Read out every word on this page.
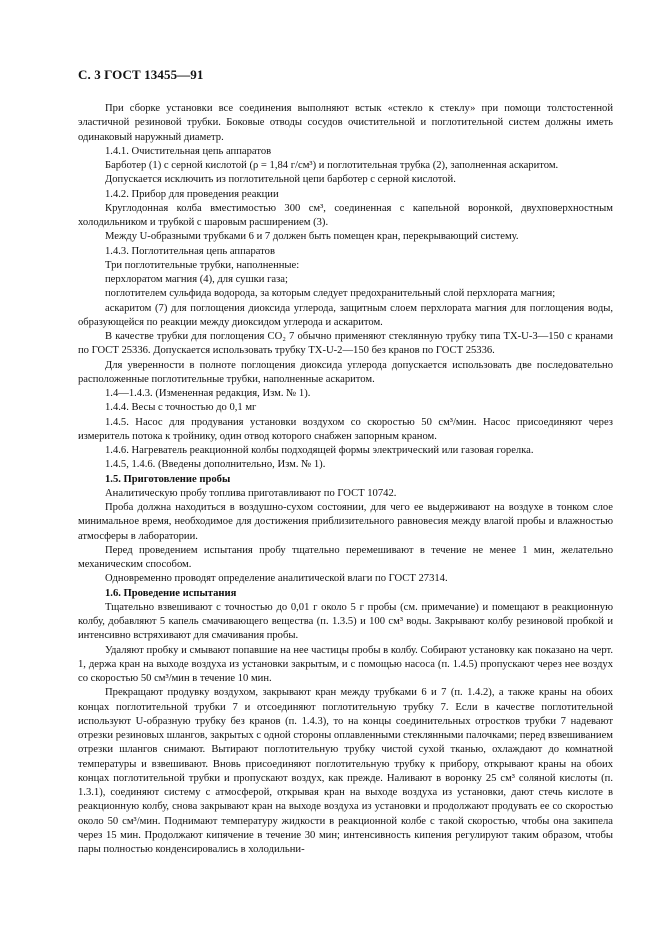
С. 3 ГОСТ 13455—91

При сборке установки все соединения выполняют встык «стекло к стеклу» при помощи толстостенной эластичной резиновой трубки. Боковые отводы сосудов очистительной и поглотительной систем должны иметь одинаковый наружный диаметр.

1.4.1. Очистительная цепь аппаратов

Барботер (1) с серной кислотой (ρ = 1,84 г/см³) и поглотительная трубка (2), заполненная аскаритом.

Допускается исключить из поглотительной цепи барботер с серной кислотой.

1.4.2. Прибор для проведения реакции

Круглодонная колба вместимостью 300 см³, соединенная с капельной воронкой, двухповерхностным холодильником и трубкой с шаровым расширением (3).

Между U-образными трубками 6 и 7 должен быть помещен кран, перекрывающий систему.

1.4.3. Поглотительная цепь аппаратов

Три поглотительные трубки, наполненные:

перхлоратом магния (4), для сушки газа;

поглотителем сульфида водорода, за которым следует предохранительный слой перхлората магния;

аскаритом (7) для поглощения диоксида углерода, защитным слоем перхлората магния для поглощения воды, образующейся по реакции между диоксидом углерода и аскаритом.

В качестве трубки для поглощения CO₂ 7 обычно применяют стеклянную трубку типа ТХ-U-3—150 с кранами по ГОСТ 25336. Допускается использовать трубку ТХ-U-2—150 без кранов по ГОСТ 25336.

Для уверенности в полноте поглощения диоксида углерода допускается использовать две последовательно расположенные поглотительные трубки, наполненные аскаритом.

1.4—1.4.3. (Измененная редакция, Изм. № 1).

1.4.4. Весы с точностью до 0,1 мг

1.4.5. Насос для продувания установки воздухом со скоростью 50 см³/мин. Насос присоединяют через измеритель потока к тройнику, один отвод которого снабжен запорным краном.

1.4.6. Нагреватель реакционной колбы подходящей формы электрический или газовая горелка.

1.4.5, 1.4.6. (Введены дополнительно, Изм. № 1).

1.5. Приготовление пробы

Аналитическую пробу топлива приготавливают по ГОСТ 10742.

Проба должна находиться в воздушно-сухом состоянии, для чего ее выдерживают на воздухе в тонком слое минимальное время, необходимое для достижения приблизительного равновесия между влагой пробы и влажностью атмосферы в лаборатории.

Перед проведением испытания пробу тщательно перемешивают в течение не менее 1 мин, желательно механическим способом.

Одновременно проводят определение аналитической влаги по ГОСТ 27314.

1.6. Проведение испытания

Тщательно взвешивают с точностью до 0,01 г около 5 г пробы (см. примечание) и помещают в реакционную колбу, добавляют 5 капель смачивающего вещества (п. 1.3.5) и 100 см³ воды. Закрывают колбу резиновой пробкой и интенсивно встряхивают для смачивания пробы.

Удаляют пробку и смывают попавшие на нее частицы пробы в колбу. Собирают установку как показано на черт. 1, держа кран на выходе воздуха из установки закрытым, и с помощью насоса (п. 1.4.5) пропускают через нее воздух со скоростью 50 см³/мин в течение 10 мин.

Прекращают продувку воздухом, закрывают кран между трубками 6 и 7 (п. 1.4.2), а также краны на обоих концах поглотительной трубки 7 и отсоединяют поглотительную трубку 7. Если в качестве поглотительной используют U-образную трубку без кранов (п. 1.4.3), то на концы соединительных отростков трубки 7 надевают отрезки резиновых шлангов, закрытых с одной стороны оплавленными стеклянными палочками; перед взвешиванием отрезки шлангов снимают. Вытирают поглотительную трубку чистой сухой тканью, охлаждают до комнатной температуры и взвешивают. Вновь присоединяют поглотительную трубку к прибору, открывают краны на обоих концах поглотительной трубки и пропускают воздух, как прежде. Наливают в воронку 25 см³ соляной кислоты (п. 1.3.1), соединяют систему с атмосферой, открывая кран на выходе воздуха из установки, дают стечь кислоте в реакционную колбу, снова закрывают кран на выходе воздуха из установки и продолжают продувать ее со скоростью около 50 см³/мин. Поднимают температуру жидкости в реакционной колбе с такой скоростью, чтобы она закипела через 15 мин. Продолжают кипячение в течение 30 мин; интенсивность кипения регулируют таким образом, чтобы пары полностью конденсировались в холодильни-
